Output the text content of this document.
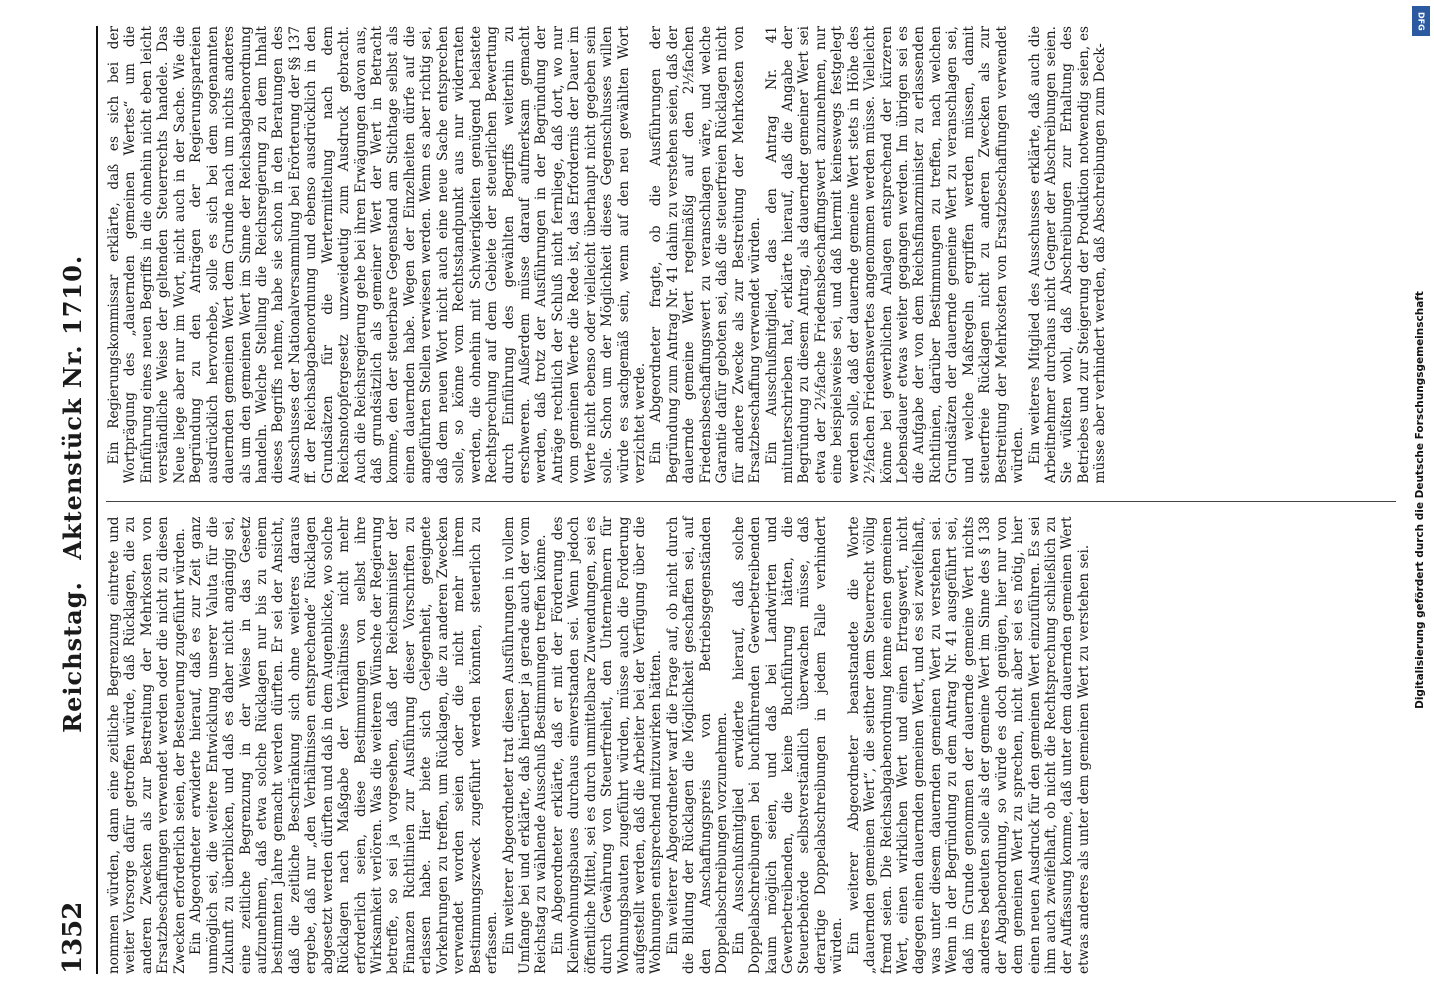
1352
Reichstag. Aktenstück Nr. 1710.

nommen würden, dann eine zeitliche Begrenzung eintrete und weiter Vorsorge dafür getroffen würde, daß Rücklagen, die zu anderen Zwecken als zur Bestreitung der Mehrkosten von Ersatzbeschaffungen verwendet werden oder die nicht zu diesen Zwecken erforderlich seien, der Besteuerung zugeführt würden. Ein Abgeordneter erwiderte hierauf, daß es zur Zeit ganz unmöglich sei, die weitere Entwicklung unserer Valuta für die Zukunft zu überblicken, und daß es daher nicht angängig sei, eine zeitliche Begrenzung in der Weise in das Gesetz aufzunehmen, daß etwa solche Rücklagen nur bis zu einem bestimmten Jahre gemacht werden dürften. Er sei der Ansicht, daß die zeitliche Beschränkung sich ohne weiteres daraus ergebe, daß nur „den Verhältnissen entsprechende“ Rücklagen abgesetzt werden dürften und daß in dem Augenblicke, wo solche Rücklagen nach Maßgabe der Verhältnisse nicht mehr erforderlich seien, diese Bestimmungen von selbst ihre Wirksamkeit verlören. Was die weiteren Wünsche der Regierung betreffe, so sei ja vorgesehen, daß der Reichsminister der Finanzen Richtlinien zur Ausführung dieser Vorschriften zu erlassen habe. Hier biete sich Gelegenheit, geeignete Vorkehrungen zu treffen, um Rücklagen, die zu anderen Zwecken verwendet worden seien oder die nicht mehr ihrem Bestimmungszweck zugeführt werden könnten, steuerlich zu erfassen. Ein weiterer Abgeordneter trat diesen Ausführungen in vollem Umfange bei und erklärte, daß hierüber ja gerade auch der vom Reichstag zu wählende Ausschuß Bestimmungen treffen könne. Ein Abgeordneter erklärte, daß er mit der Förderung des Kleinwohnungsbaues durchaus einverstanden sei. Wenn jedoch öffentliche Mittel, sei es durch unmittelbare Zuwendungen, sei es durch Gewährung von Steuerfreiheit, den Unternehmern für Wohnungsbauten zugeführt würden, müsse auch die Forderung aufgestellt werden, daß die Arbeiter bei der Verfügung über die Wohnungen entsprechend mitzuwirken hätten. Ein weiterer Abgeordneter warf die Frage auf, ob nicht durch die Bildung der Rücklagen die Möglichkeit geschaffen sei, auf den Anschaffungspreis von Betriebsgegenständen Doppelabschreibungen vorzunehmen. Ein Ausschußmitglied erwiderte hierauf, daß solche Doppelabschreibungen bei buchführenden Gewerbetreibenden kaum möglich seien, und daß bei Landwirten und Gewerbetreibenden, die keine Buchführung hätten, die Steuerbehörde selbstverständlich überwachen müsse, daß derartige Doppelabschreibungen in jedem Falle verhindert würden. Ein weiterer Abgeordneter beanstandete die Worte „dauernden gemeinen Wert“, die seither dem Steuerrecht völlig fremd seien. Die Reichsabgabenordnung kenne einen gemeinen Wert, einen wirklichen Wert und einen Ertragswert, nicht dagegen einen dauernden gemeinen Wert, und es sei zweifelhaft, was unter diesem dauernden gemeinen Wert zu verstehen sei. Wenn in der Begründung zu dem Antrag Nr. 41 ausgeführt sei, daß im Grunde genommen der dauernde gemeine Wert nichts anderes bedeuten solle als der gemeine Wert im Sinne des § 138 der Abgabenordnung, so würde es doch genügen, hier nur von dem gemeinen Wert zu sprechen, nicht aber sei es nötig, hier einen neuen Ausdruck für den gemeinen Wert einzuführen. Es sei ihm auch zweifelhaft, ob nicht die Rechtsprechung schließlich zu der Auffassung komme, daß unter dem dauernden gemeinen Wert etwas anderes als unter dem gemeinen Wert zu verstehen sei.

Ein Regierungskommissar erklärte, daß es sich bei der Wortprägung des „dauernden gemeinen Wertes“ um die Einführung eines neuen Begriffs in die ohnehin nicht eben leicht verständliche Weise der geltenden Steuerrechts handele. Das Neue liege aber nur im Wort, nicht auch in der Sache. Wie die Begründung zu den Anträgen der Regierungsparteien ausdrücklich hervorhebe, solle es sich bei dem sogenannten dauernden gemeinen Wert dem Grunde nach um nichts anderes als um den gemeinen Wert im Sinne der Reichsabgabenordnung handeln. Welche Stellung die Reichsregierung zu dem Inhalt dieses Begriffs nehme, habe sie schon in den Beratungen des Ausschusses der Nationalversammlung bei Erörterung der §§ 137 ff. der Reichsabgabenordnung und ebenso ausdrücklich in den Grundsätzen für die Wertermittelung nach dem Reichsnotopfergesetz unzweideutig zum Ausdruck gebracht. Auch die Reichsregierung gehe bei ihren Erwägungen davon aus, daß grundsätzlich als gemeiner Wert der Wert in Betracht komme, den der steuerbare Gegenstand am Stichtage selbst als einen dauernden habe. Wegen der Einzelheiten dürfe auf die angeführten Stellen verwiesen werden. Wenn es aber richtig sei, daß dem neuen Wort nicht auch eine neue Sache entsprechen solle, so könne vom Rechtsstandpunkt aus nur widerraten werden, die ohnehin mit Schwierigkeiten genügend belastete Rechtsprechung auf dem Gebiete der steuerlichen Bewertung durch Einführung des gewählten Begriffs weiterhin zu erschweren. Außerdem müsse darauf aufmerksam gemacht werden, daß trotz der Ausführungen in der Begründung der Anträge rechtlich der Schluß nicht fernliege, daß dort, wo nur vom gemeinen Werte die Rede ist, das Erfordernis der Dauer im Werte nicht ebenso oder vielleicht überhaupt nicht gegeben sein solle. Schon um der Möglichkeit dieses Gegenschlusses willen würde es sachgemäß sein, wenn auf den neu gewählten Wort verzichtet werde. Ein Abgeordneter fragte, ob die Ausführungen der Begründung zum Antrag Nr. 41 dahin zu verstehen seien, daß der dauernde gemeine Wert regelmäßig auf den 2½fachen Friedensbeschaffungswert zu veranschlagen wäre, und welche Garantie dafür geboten sei, daß die steuerfreien Rücklagen nicht für andere Zwecke als zur Bestreitung der Mehrkosten von Ersatzbeschaffung verwendet würden. Ein Ausschußmitglied, das den Antrag Nr. 41 mitunterschrieben hat, erklärte hierauf, daß die Angabe der Begründung zu diesem Antrag, als dauernder gemeiner Wert sei etwa der 2½fache Friedensbeschaffungswert anzunehmen, nur eine beispielsweise sei, und daß hiermit keineswegs festgelegt werden solle, daß der dauernde gemeine Wert stets in Höhe des 2½fachen Friedenswertes angenommen werden müsse. Vielleicht könne bei gewerblichen Anlagen entsprechend der kürzeren Lebensdauer etwas weiter gegangen werden. Im übrigen sei es die Aufgabe der von dem Reichsfinanzminister zu erlassenden Richtlinien, darüber Bestimmungen zu treffen, nach welchen Grundsätzen der dauernde gemeine Wert zu veranschlagen sei, und welche Maßregeln ergriffen werden müssen, damit steuerfreie Rücklagen nicht zu anderen Zwecken als zur Bestreitung der Mehrkosten von Ersatzbeschaffungen verwendet würden. Ein weiteres Mitglied des Ausschusses erklärte, daß auch die Arbeitnehmer durchaus nicht Gegner der Abschreibungen seien. Sie wüßten wohl, daß Abschreibungen zur Erhaltung des Betriebes und zur Steigerung der Produktion notwendig seien, es müsse aber verhindert werden, daß Abschreibungen zum Deck-

DFG
Digitalisierung gefördert durch die Deutsche Forschungsgemeinschaft
